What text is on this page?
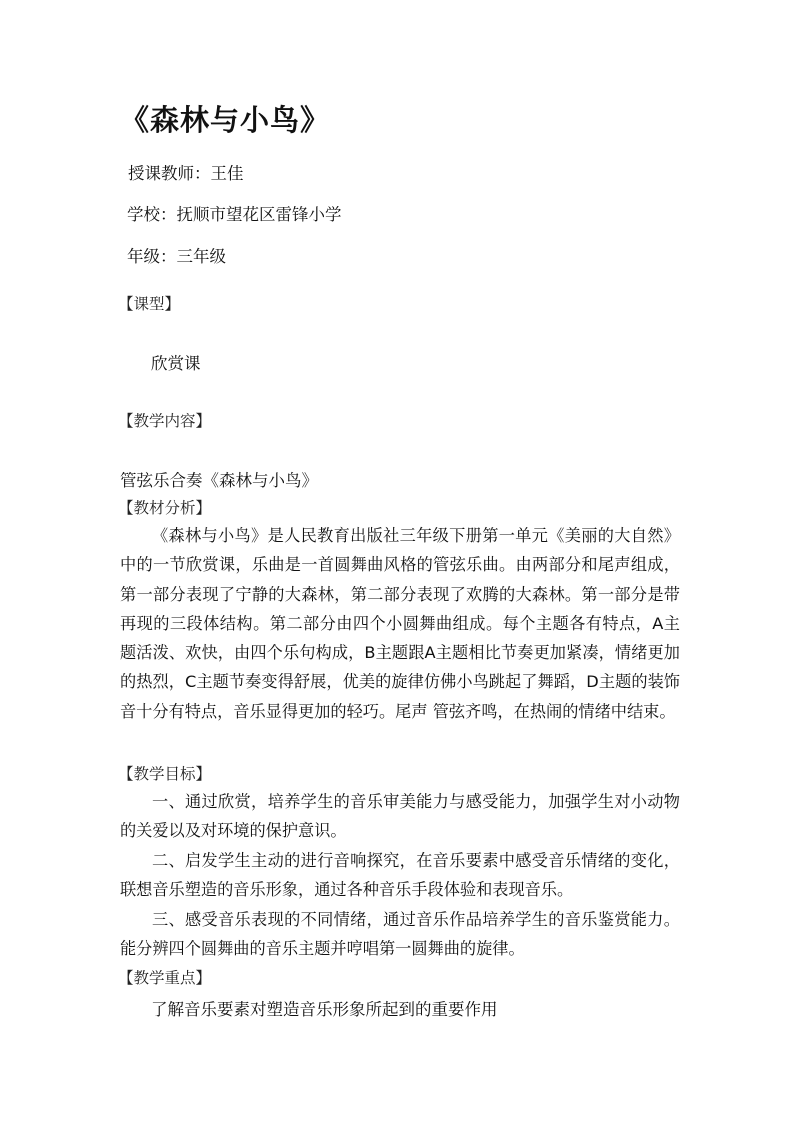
《森林与小鸟》
授课教师：王佳
学校：抚顺市望花区雷锋小学
年级：三年级
【课型】
欣赏课
【教学内容】
管弦乐合奏《森林与小鸟》
【教材分析】
《森林与小鸟》是人民教育出版社三年级下册第一单元《美丽的大自然》中的一节欣赏课，乐曲是一首圆舞曲风格的管弦乐曲。由两部分和尾声组成，第一部分表现了宁静的大森林，第二部分表现了欢腾的大森林。第一部分是带再现的三段体结构。第二部分由四个小圆舞曲组成。每个主题各有特点，A主题活泼、欢快，由四个乐句构成，B主题跟A主题相比节奏更加紧凑，情绪更加的热烈，C主题节奏变得舒展，优美的旋律仿佛小鸟跳起了舞蹈，D主题的装饰音十分有特点，音乐显得更加的轻巧。尾声 管弦齐鸣，在热闹的情绪中结束。
【教学目标】
一、通过欣赏，培养学生的音乐审美能力与感受能力，加强学生对小动物的关爱以及对环境的保护意识。
二、启发学生主动的进行音响探究，在音乐要素中感受音乐情绪的变化，联想音乐塑造的音乐形象，通过各种音乐手段体验和表现音乐。
三、感受音乐表现的不同情绪，通过音乐作品培养学生的音乐鉴赏能力。能分辨四个圆舞曲的音乐主题并哼唱第一圆舞曲的旋律。
【教学重点】
了解音乐要素对塑造音乐形象所起到的重要作用
